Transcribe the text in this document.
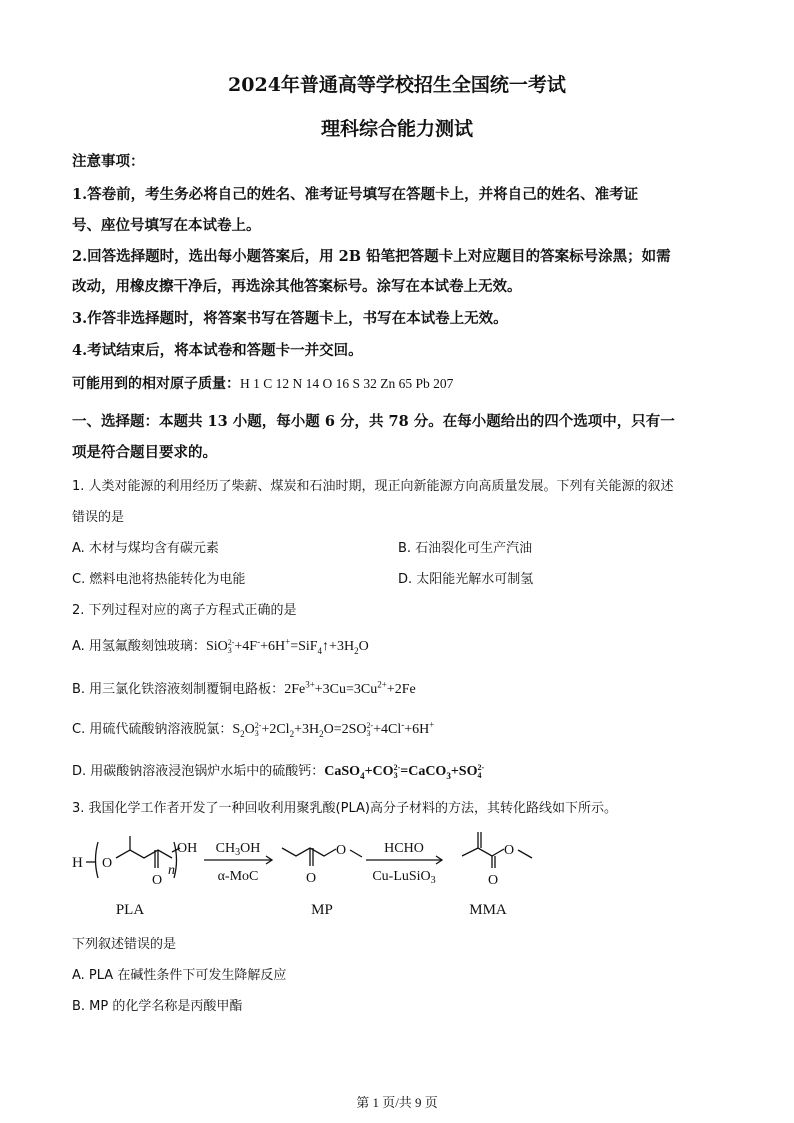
2024年普通高等学校招生全国统一考试
理科综合能力测试
注意事项：
1.答卷前，考生务必将自己的姓名、准考证号填写在答题卡上，并将自己的姓名、准考证
号、座位号填写在本试卷上。
2.回答选择题时，选出每小题答案后，用 2B 铅笔把答题卡上对应题目的答案标号涂黑；如需
改动，用橡皮擦干净后，再选涂其他答案标号。涂写在本试卷上无效。
3.作答非选择题时，将答案书写在答题卡上，书写在本试卷上无效。
4.考试结束后，将本试卷和答题卡一并交回。
可能用到的相对原子质量：H 1 C 12 N 14 O 16 S 32 Zn 65 Pb 207
一、选择题：本题共 13 小题，每小题 6 分，共 78 分。在每小题给出的四个选项中，只有一
项是符合题目要求的。
1. 人类对能源的利用经历了柴薪、煤炭和石油时期，现正向新能源方向高质量发展。下列有关能源的叙述
错误的是
A. 木材与煤均含有碳元素	B. 石油裂化可生产汽油
C. 燃料电池将热能转化为电能	D. 太阳能光解水可制氢
2. 下列过程对应的离子方程式正确的是
A. 用氢氟酸刻蚀玻璃：SiO 2-
$3 +4F^-+6H^+=SiF_4↑+3H_2O$
B. 用三氯化铁溶液刻制覆铜电路板：$2Fe^{3+}+3Cu=3Cu^{2+}+2Fe$
C. 用硫代硫酸钠溶液脱氯：$S_2O$ 2-
$3 +2Cl_2+3H_2O=2SO$ 2-
3 +4Cl-+6H+
D. 用碳酸钠溶液浸泡锅炉水垢中的硫酸钙：CaSO$_4$+CO 2-
3 =CaCO$_3$+SO 2-
4
3. 我国化学工作者开发了一种回收利用聚乳酸(PLA)高分子材料的方法，其转化路线如下所示。
H O
O
OH
n
$CH_3OH$
α-MoC
O
O
HCHO
Cu-LuSiO$_3$
O
O
PLA	MP	MMA
下列叙述错误的是
A. PLA 在碱性条件下可发生降解反应
B. MP 的化学名称是丙酸甲酯
第 1 页/共 9 页
